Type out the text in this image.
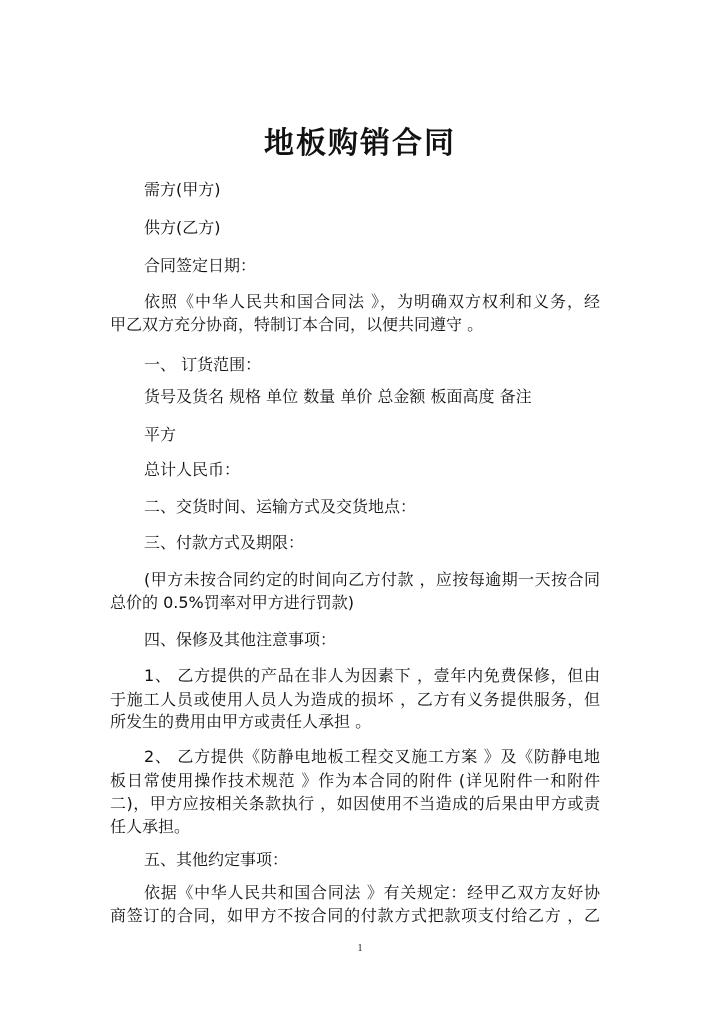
地板购销合同
需方(甲方)
供方(乙方)
合同签定日期：
依照《中华人民共和国合同法 》，为明确双方权利和义务，经
甲乙双方充分协商，特制订本合同，以便共同遵守 。
一、 订货范围：
货号及货名 规格 单位 数量 单价 总金额 板面高度 备注
平方
总计人民币：
二、交货时间、运输方式及交货地点：
三、付款方式及期限：
(甲方未按合同约定的时间向乙方付款 ，应按每逾期一天按合同
总价的 0.5%罚率对甲方进行罚款)
四、保修及其他注意事项：
1、 乙方提供的产品在非人为因素下 ，壹年内免费保修，但由
于施工人员或使用人员人为造成的损坏 ，乙方有义务提供服务，但
所发生的费用由甲方或责任人承担 。
2、 乙方提供《防静电地板工程交叉施工方案 》及《防静电地
板日常使用操作技术规范 》作为本合同的附件 (详见附件一和附件
二)，甲方应按相关条款执行 ，如因使用不当造成的后果由甲方或责
任人承担。
五、其他约定事项：
依据《中华人民共和国合同法 》有关规定：经甲乙双方友好协
商签订的合同，如甲方不按合同的付款方式把款项支付给乙方 ，乙
1
